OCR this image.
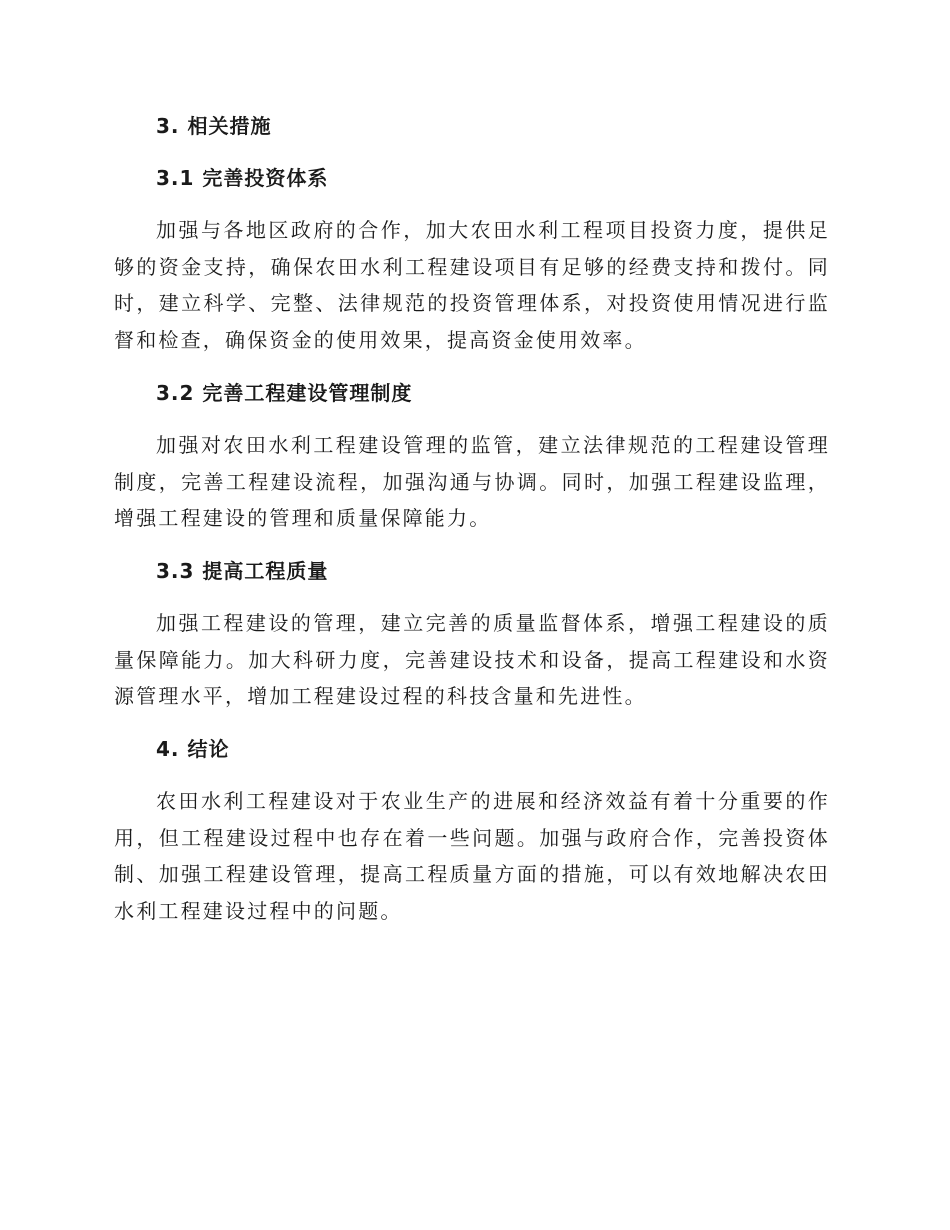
3. 相关措施
3.1 完善投资体系

加强与各地区政府的合作，加大农田水利工程项目投资力度，提供足够的资金支持，确保农田水利工程建设项目有足够的经费支持和拨付。同时，建立科学、完整、法律规范的投资管理体系，对投资使用情况进行监督和检查，确保资金的使用效果，提高资金使用效率。

3.2 完善工程建设管理制度

加强对农田水利工程建设管理的监管，建立法律规范的工程建设管理制度，完善工程建设流程，加强沟通与协调。同时，加强工程建设监理，增强工程建设的管理和质量保障能力。

3.3 提高工程质量

加强工程建设的管理，建立完善的质量监督体系，增强工程建设的质量保障能力。加大科研力度，完善建设技术和设备，提高工程建设和水资源管理水平，增加工程建设过程的科技含量和先进性。

4. 结论

农田水利工程建设对于农业生产的进展和经济效益有着十分重要的作用，但工程建设过程中也存在着一些问题。加强与政府合作，完善投资体制、加强工程建设管理，提高工程质量方面的措施，可以有效地解决农田水利工程建设过程中的问题。
